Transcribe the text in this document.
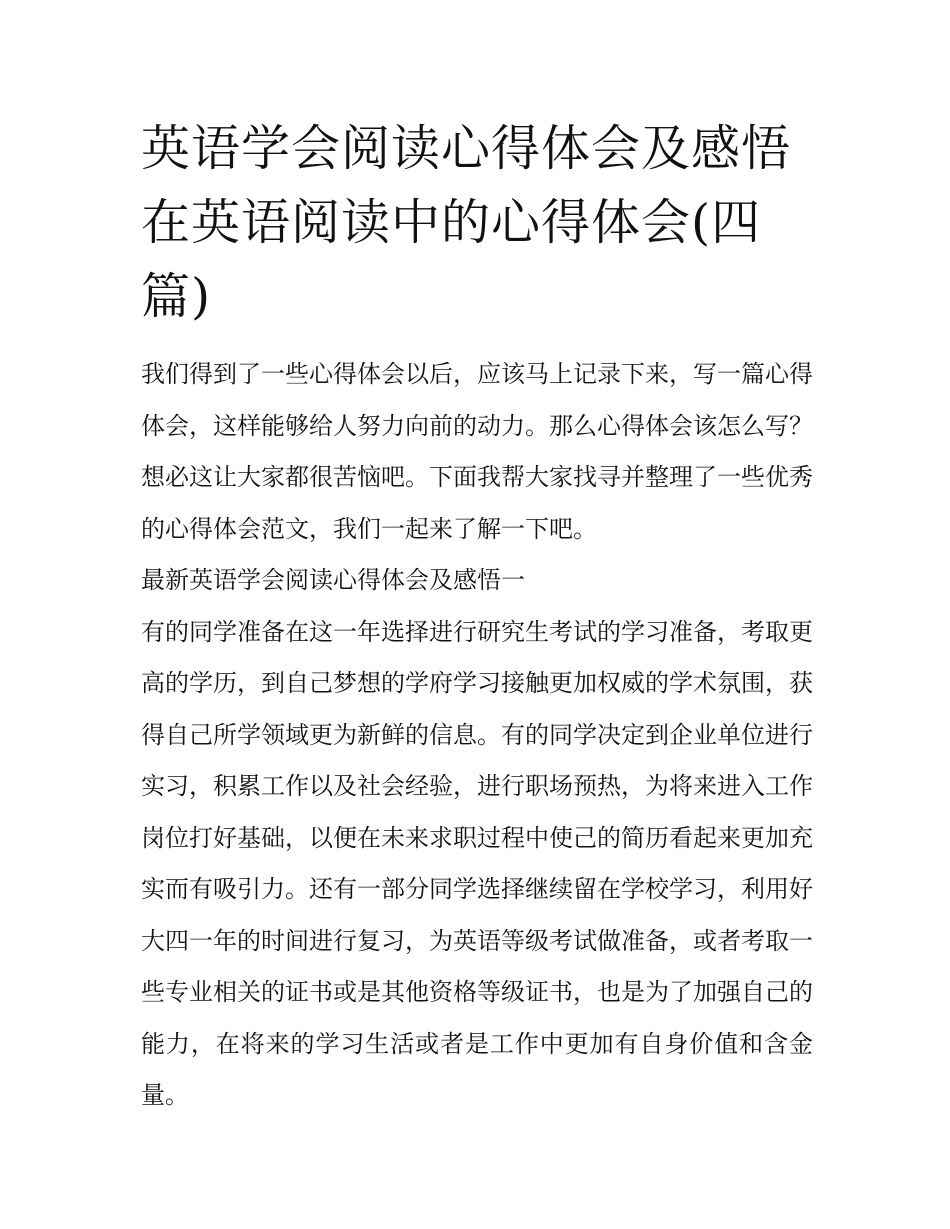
英语学会阅读心得体会及感悟在英语阅读中的心得体会(四篇)

我们得到了一些心得体会以后，应该马上记录下来，写一篇心得体会，这样能够给人努力向前的动力。那么心得体会该怎么写？想必这让大家都很苦恼吧。下面我帮大家找寻并整理了一些优秀的心得体会范文，我们一起来了解一下吧。

最新英语学会阅读心得体会及感悟一

有的同学准备在这一年选择进行研究生考试的学习准备，考取更高的学历，到自己梦想的学府学习接触更加权威的学术氛围，获得自己所学领域更为新鲜的信息。有的同学决定到企业单位进行实习，积累工作以及社会经验，进行职场预热，为将来进入工作岗位打好基础，以便在未来求职过程中使己的简历看起来更加充实而有吸引力。还有一部分同学选择继续留在学校学习，利用好大四一年的时间进行复习，为英语等级考试做准备，或者考取一些专业相关的证书或是其他资格等级证书，也是为了加强自己的能力，在将来的学习生活或者是工作中更加有自身价值和含金量。
